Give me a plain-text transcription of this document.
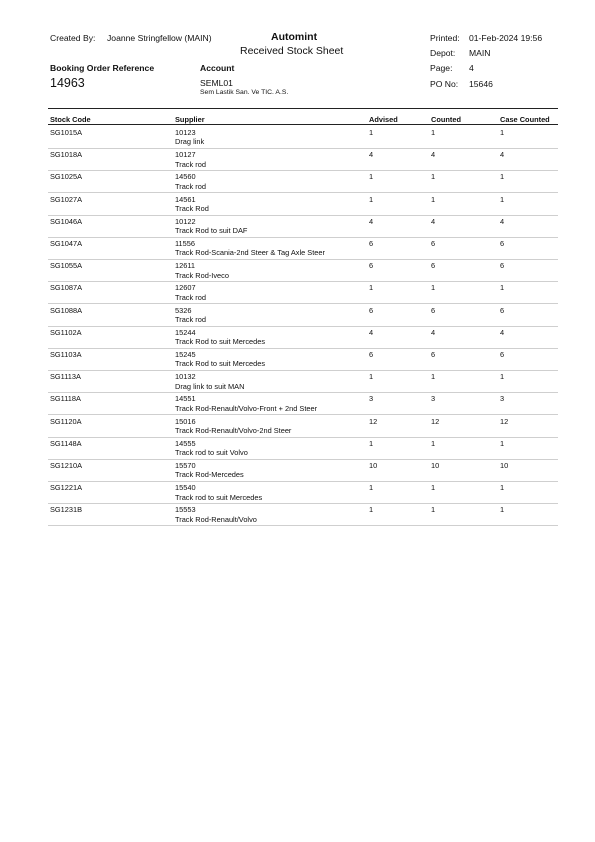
Created By: Joanne Stringfellow (MAIN)	Automint
Received Stock Sheet
Printed: 01-Feb-2024 19:56
Depot: MAIN
Page: 4
Booking Order Reference
14963
Account
SEML01
Sem Lastik San. Ve TIC. A.S.
PO No: 15646
Stock Code	Supplier	Advised	Counted	Case Counted
SG1015A	10123	1	1	1
Drag link
SG1018A	10127	4	4	4
Track rod
SG1025A	14560	1	1	1
Track rod
SG1027A	14561	1	1	1
Track Rod
SG1046A	10122	4	4	4
Track Rod to suit DAF
SG1047A	11556	6	6	6
Track Rod-Scania-2nd Steer & Tag Axle Steer
SG1055A	12611	6	6	6
Track Rod-Iveco
SG1087A	12607	1	1	1
Track rod
SG1088A	5326	6	6	6
Track rod
SG1102A	15244	4	4	4
Track Rod to suit Mercedes
SG1103A	15245	6	6	6
Track Rod to suit Mercedes
SG1113A	10132	1	1	1
Drag link to suit MAN
SG1118A	14551	3	3	3
Track Rod-Renault/Volvo-Front + 2nd Steer
SG1120A	15016	12	12	12
Track Rod-Renault/Volvo-2nd Steer
SG1148A	14555	1	1	1
Track rod to suit Volvo
SG1210A	15570	10	10	10
Track Rod-Mercedes
SG1221A	15540	1	1	1
Track rod to suit Mercedes
SG1231B	15553	1	1	1
Track Rod-Renault/Volvo
